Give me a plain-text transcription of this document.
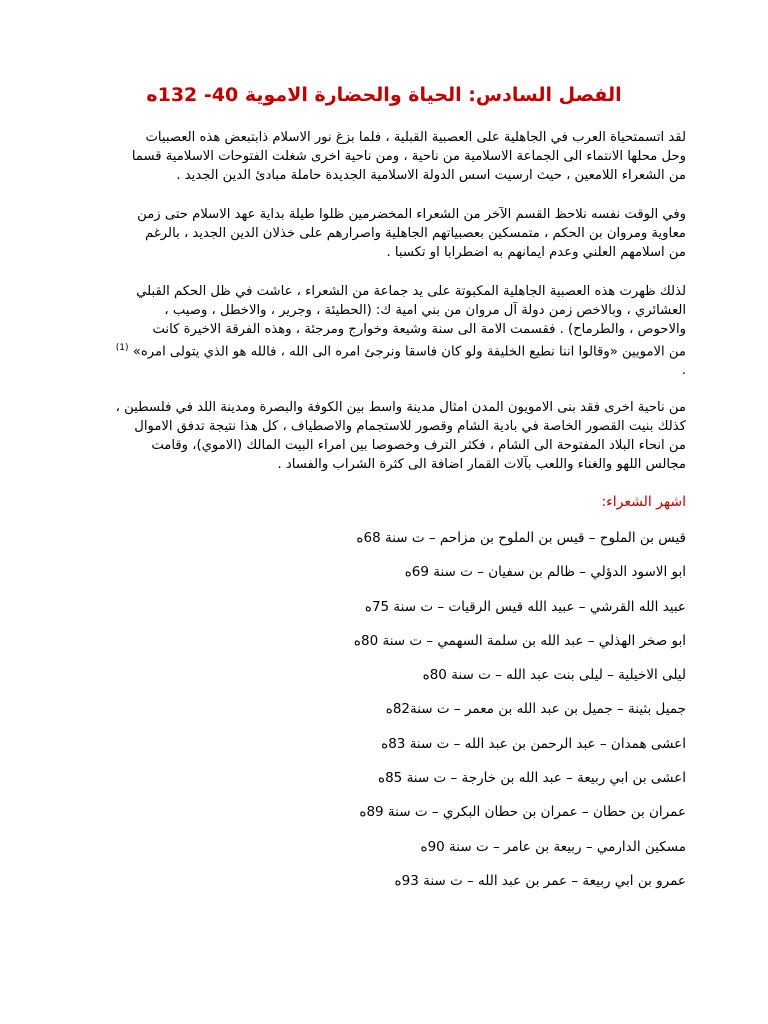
الفصل السادس: الحياة والحضارة الاموية 40- 132ه
لقد اتسمتحياة العرب في الجاهلية على العصبية القبلية ، فلما بزغ نور الاسلام ذابتبعض هذه العصبيات
وحل محلها الانتماء الى الجماعة الاسلامية من ناحية ، ومن ناحية اخرى شغلت الفتوحات الاسلامية قسما
من الشعراء اللامعين ، حيث ارسيت اسس الدولة الاسلامية الجديدة حاملة مبادئ الدين الجديد .
وفي الوقت نفسه نلاحظ القسم الآخر من الشعراء المخضرمين ظلوا طيلة بداية عهد الاسلام حتى زمن
معاوية ومروان بن الحكم ، متمسكين بعصبياتهم الجاهلية واصرارهم على خذلان الدين الجديد ، بالرغم
من اسلامهم العلني وعدم ايمانهم به اضطرابا او تكسبا .
لذلك ظهرت هذه العصبية الجاهلية المكبوتة على يد جماعة من الشعراء ، عاشت في ظل الحكم القبلي
العشائري ، وبالاخص زمن دولة آل مروان من بني امية ك: (الحطيئة ، وجرير ، والاخطل ، وصيب ،
والاحوص ، والطرماح) . فقسمت الامة الى سنة وشيعة وخوارج ومرجئة ، وهذه الفرقة الاخيرة كانت
من الامويين «وقالوا اننا نطيع الخليفة ولو كان فاسقا ونرجئ امره الى الله ، فالله هو الذي يتولى امره» $^{(1)}$
.
من ناحية اخرى فقد بنى الامويون المدن امثال مدينة واسط بين الكوفة والبصرة ومدينة اللد في فلسطين ،
كذلك بنيت القصور الخاصة في بادية الشام وقصور للاستجمام والاصطياف ، كل هذا نتيجة تدفق الاموال
من انحاء البلاد المفتوحة الى الشام ، فكثر الترف وخصوصا بين امراء البيت المالك (الاموي)، وقامت
مجالس اللهو والغناء واللعب بآلات القمار اضافة الى كثرة الشراب والفساد .
اشهر الشعراء:
قيس بن الملوح – قيس بن الملوح بن مزاحم – ت سنة 68ه
ابو الاسود الدؤلي – ظالم بن سفيان – ت سنة 69ه
عبيد الله القرشي – عبيد الله قيس الرقيات – ت سنة 75ه
ابو صخر الهذلي – عبد الله بن سلمة السهمي – ت سنة 80ه
ليلى الاخيلية – ليلى بنت عبد الله – ت سنة 80ه
جميل بثينة – جميل بن عبد الله بن معمر – ت سنة82ه
اعشى همدان – عبد الرحمن بن عبد الله – ت سنة 83ه
اعشى بن ابي ربيعة – عبد الله بن خارجة – ت سنة 85ه
عمران بن حطان – عمران بن حطان البكري – ت سنة 89ه
مسكين الدارمي – ربيعة بن عامر – ت سنة 90ه
عمرو بن ابي ربيعة – عمر بن عبد الله – ت سنة 93ه
